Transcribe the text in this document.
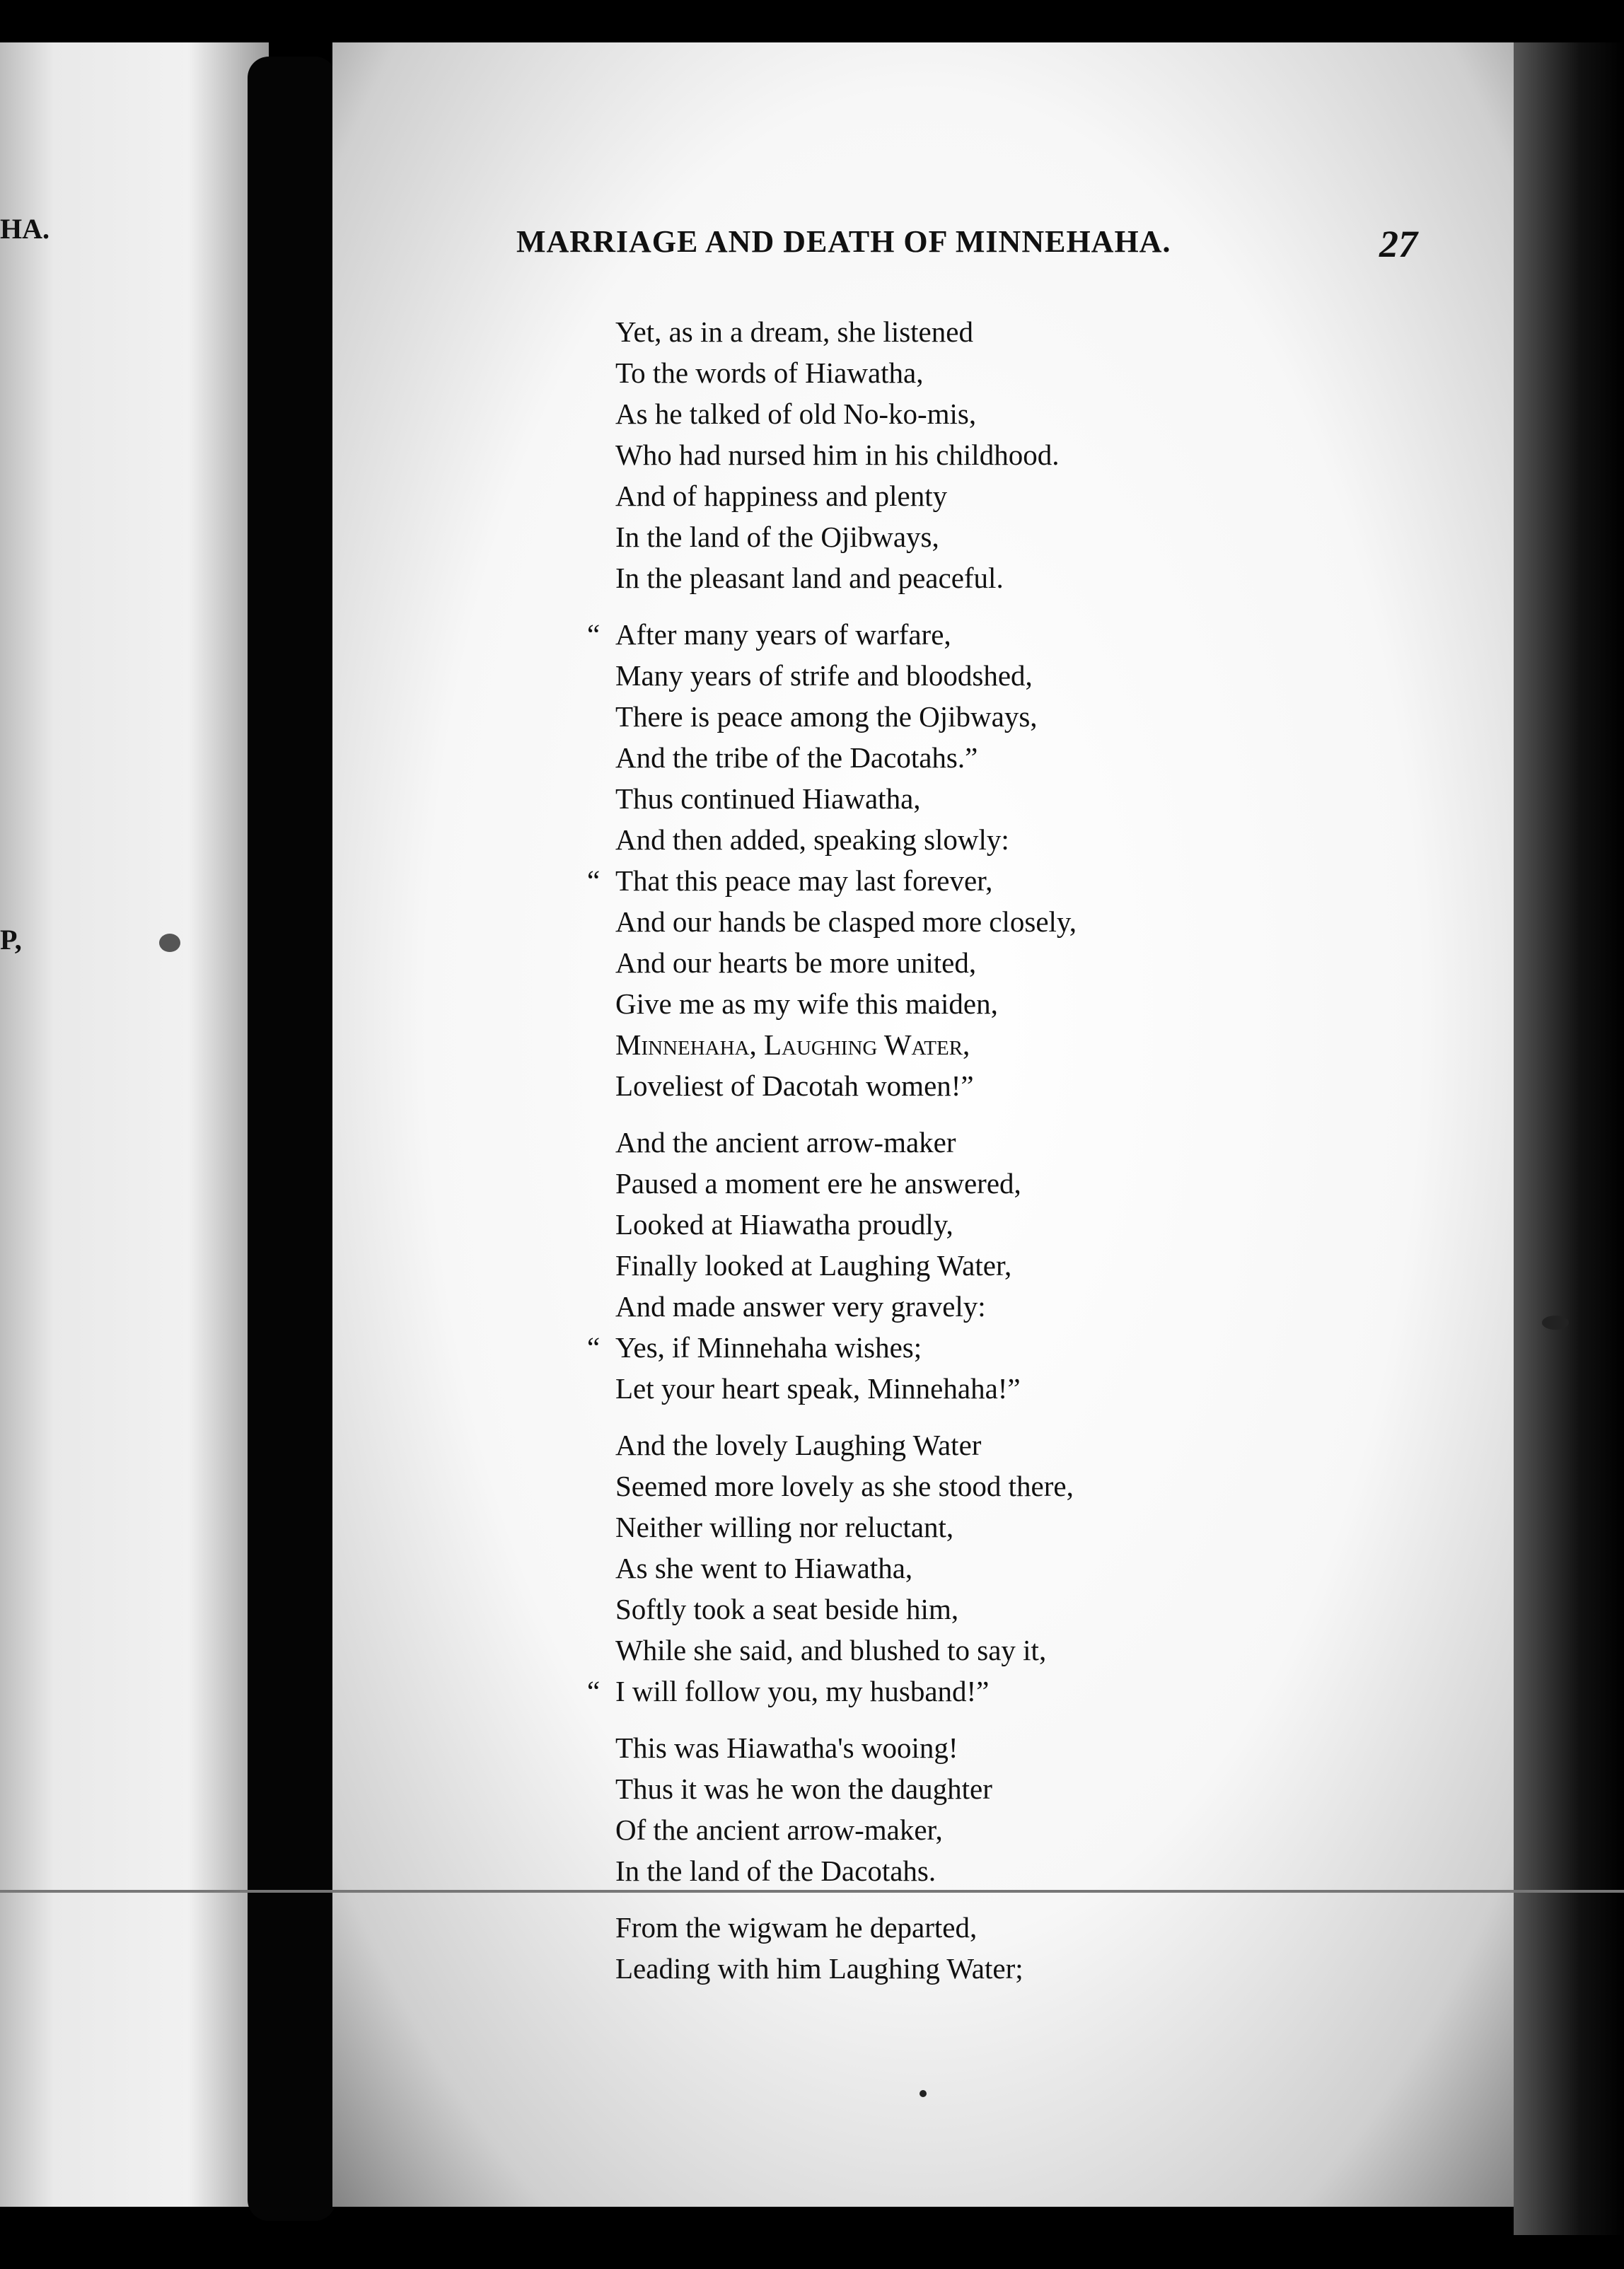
HA.
P,
MARRIAGE AND DEATH OF MINNEHAHA.	27
Yet, as in a dream, she listened
To the words of Hiawatha,
As he talked of old No-ko-mis,
Who had nursed him in his childhood.
And of happiness and plenty
In the land of the Ojibways,
In the pleasant land and peaceful.
“ After many years of warfare,
Many years of strife and bloodshed,
There is peace among the Ojibways,
And the tribe of the Dacotahs.”
Thus continued Hiawatha,
And then added, speaking slowly:
“ That this peace may last forever,
And our hands be clasped more closely,
And our hearts be more united,
Give me as my wife this maiden,
Minnehaha, Laughing Water,
Loveliest of Dacotah women!”
And the ancient arrow-maker
Paused a moment ere he answered,
Looked at Hiawatha proudly,
Finally looked at Laughing Water,
And made answer very gravely:
“ Yes, if Minnehaha wishes;
Let your heart speak, Minnehaha!”
And the lovely Laughing Water
Seemed more lovely as she stood there,
Neither willing nor reluctant,
As she went to Hiawatha,
Softly took a seat beside him,
While she said, and blushed to say it,
“ I will follow you, my husband!”
This was Hiawatha's wooing!
Thus it was he won the daughter
Of the ancient arrow-maker,
In the land of the Dacotahs.
From the wigwam he departed,
Leading with him Laughing Water;
